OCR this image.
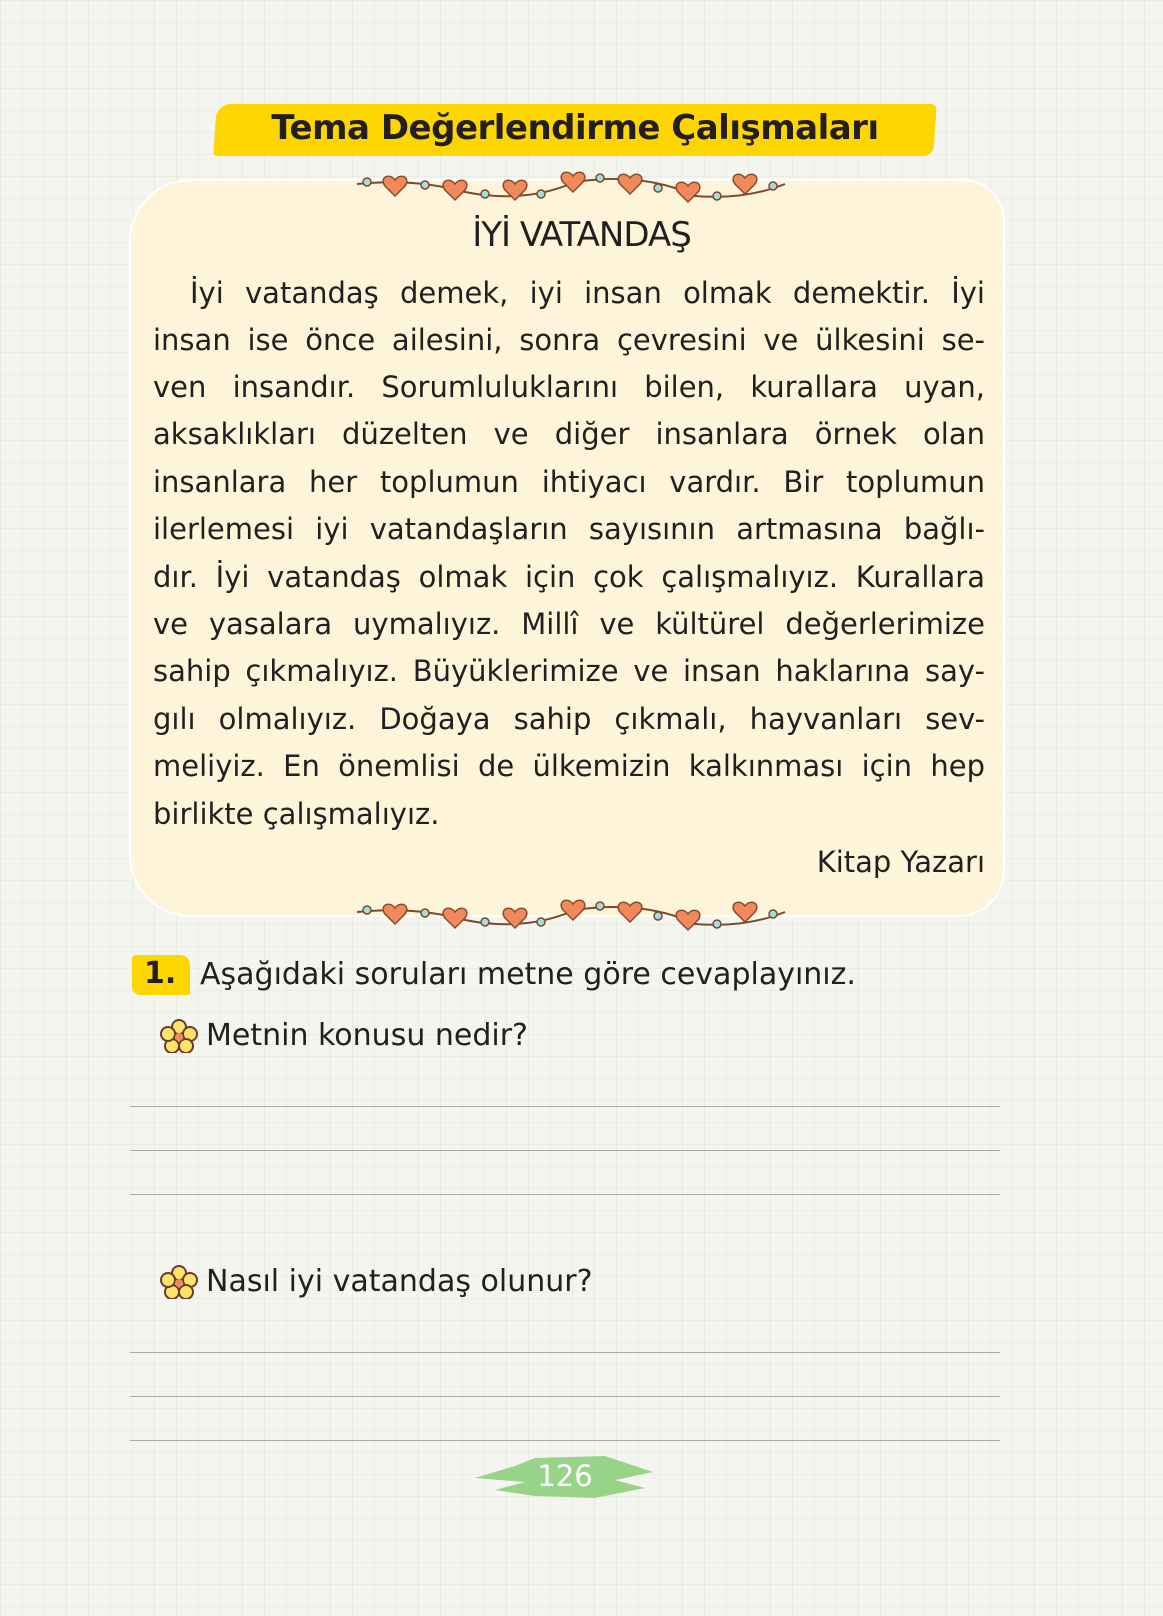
Tema Değerlendirme Çalışmaları
İYİ VATANDAŞ
İyi vatandaş demek, iyi insan olmak demektir. İyi
insan ise önce ailesini, sonra çevresini ve ülkesini se-
ven insandır. Sorumluluklarını bilen, kurallara uyan,
aksaklıkları düzelten ve diğer insanlara örnek olan
insanlara her toplumun ihtiyacı vardır. Bir toplumun
ilerlemesi iyi vatandaşların sayısının artmasına bağlı-
dır. İyi vatandaş olmak için çok çalışmalıyız. Kurallara
ve yasalara uymalıyız. Millî ve kültürel değerlerimize
sahip çıkmalıyız. Büyüklerimize ve insan haklarına say-
gılı olmalıyız. Doğaya sahip çıkmalı, hayvanları sev-
meliyiz. En önemlisi de ülkemizin kalkınması için hep
birlikte çalışmalıyız.
Kitap Yazarı
1. Aşağıdaki soruları metne göre cevaplayınız.
Metnin konusu nedir?
Nasıl iyi vatandaş olunur?
126
